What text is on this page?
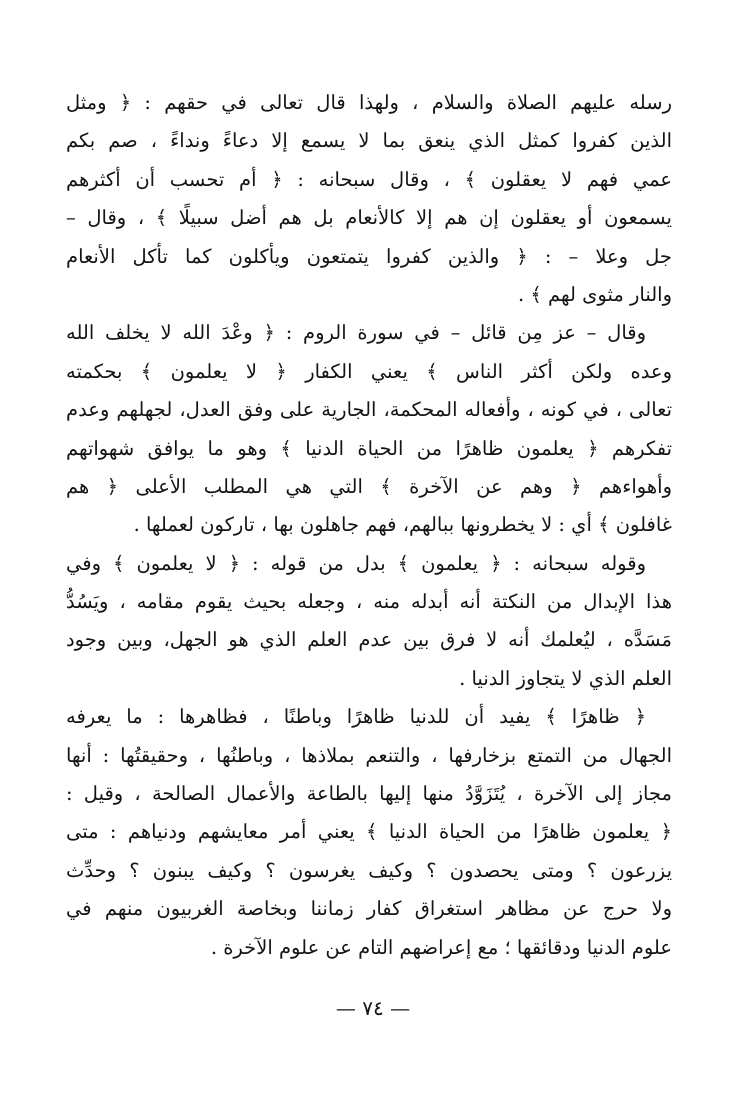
رسله عليهم الصلاة والسلام ، ولهذا قال تعالى في حقهم : ﴿ ومثل
الذين كفروا كمثل الذي ينعق بما لا يسمع إلا دعاءً ونداءً ، صم بكم
عمي فهم لا يعقلون ﴾ ، وقال سبحانه : ﴿ أم تحسب أن أكثرهم
يسمعون أو يعقلون إن هم إلا كالأنعام بل هم أضل سبيلًا ﴾ ، وقال –
جل وعلا – : ﴿ والذين كفروا يتمتعون ويأكلون كما تأكل الأنعام
والنار مثوى لهم ﴾ .
وقال – عز مِن قائل – في سورة الروم : ﴿ وعْدَ الله لا يخلف الله
وعده ولكن أكثر الناس ﴾ يعني الكفار ﴿ لا يعلمون ﴾ بحكمته
تعالى ، في كونه ، وأفعاله المحكمة، الجارية على وفق العدل، لجهلهم وعدم
تفكرهم ﴿ يعلمون ظاهرًا من الحياة الدنيا ﴾ وهو ما يوافق شهواتهم
وأهواءهم ﴿ وهم عن الآخرة ﴾ التي هي المطلب الأعلى ﴿ هم
غافلون ﴾ أي : لا يخطرونها ببالهم، فهم جاهلون بها ، تاركون لعملها .
وقوله سبحانه : ﴿ يعلمون ﴾ بدل من قوله : ﴿ لا يعلمون ﴾ وفي
هذا الإبدال من النكتة أنه أبدله منه ، وجعله بحيث يقوم مقامه ، ويَسُدُّ
مَسَدَّه ، ليُعلمك أنه لا فرق بين عدم العلم الذي هو الجهل، وبين وجود
العلم الذي لا يتجاوز الدنيا .
﴿ ظاهرًا ﴾ يفيد أن للدنيا ظاهرًا وباطنًا ، فظاهرها : ما يعرفه
الجهال من التمتع بزخارفها ، والتنعم بملاذها ، وباطنُها ، وحقيقتُها : أنها
مجاز إلى الآخرة ، يُتَزَوَّدُ منها إليها بالطاعة والأعمال الصالحة ، وقيل :
﴿ يعلمون ظاهرًا من الحياة الدنيا ﴾ يعني أمر معايشهم ودنياهم : متى
يزرعون ؟ ومتى يحصدون ؟ وكيف يغرسون ؟ وكيف يبنون ؟ وحدِّث
ولا حرج عن مظاهر استغراق كفار زماننا وبخاصة الغربيون منهم في
علوم الدنيا ودقائقها ؛ مع إعراضهم التام عن علوم الآخرة .
— ٧٤ —
